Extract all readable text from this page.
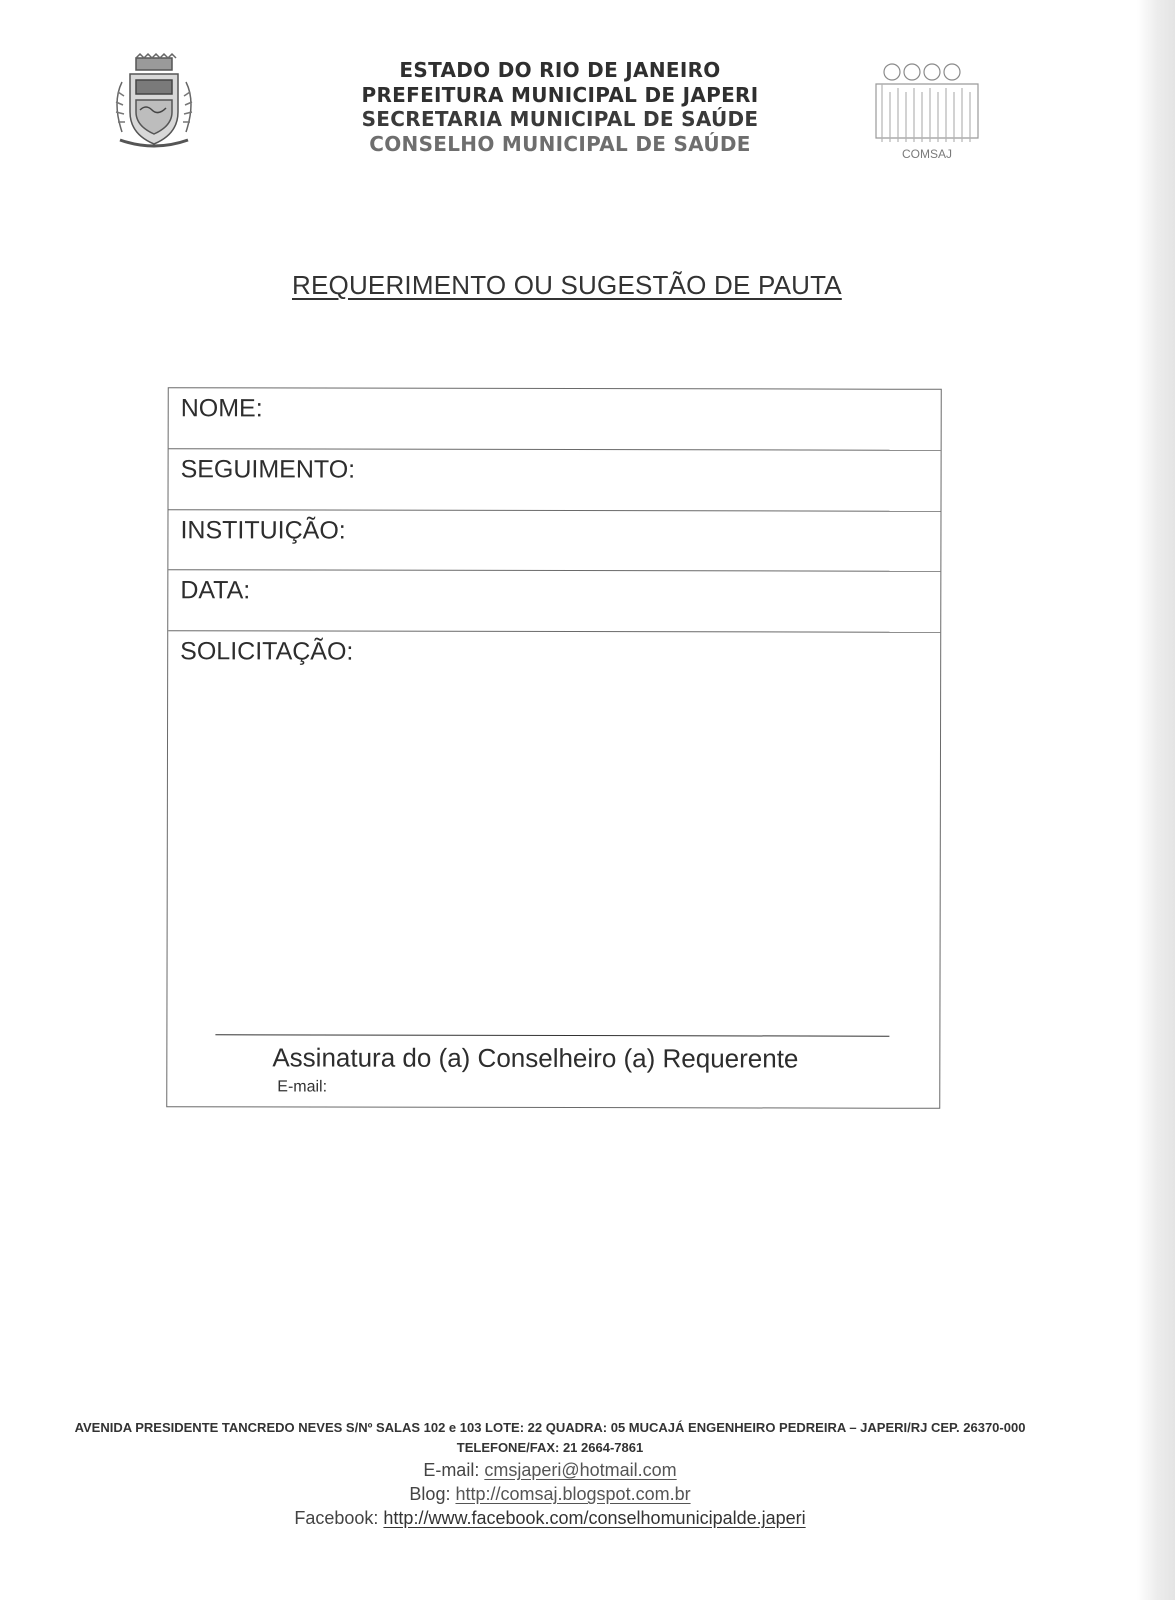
ESTADO DO RIO DE JANEIRO
PREFEITURA MUNICIPAL DE JAPERI
SECRETARIA MUNICIPAL DE SAÚDE
CONSELHO MUNICIPAL DE SAÚDE	COMSAJ
REQUERIMENTO OU SUGESTÃO DE PAUTA
NOME:
SEGUIMENTO:
INSTITUIÇÃO:
DATA:
SOLICITAÇÃO:
Assinatura do (a) Conselheiro (a) Requerente
E-mail:
AVENIDA PRESIDENTE TANCREDO NEVES S/Nº SALAS 102 e 103 LOTE: 22 QUADRA: 05 MUCAJÁ ENGENHEIRO PEDREIRA – JAPERI/RJ CEP. 26370-000
TELEFONE/FAX: 21 2664-7861
E-mail: cmsjaperi@hotmail.com
Blog: http://comsaj.blogspot.com.br
Facebook: http://www.facebook.com/conselhomunicipalde.japeri
